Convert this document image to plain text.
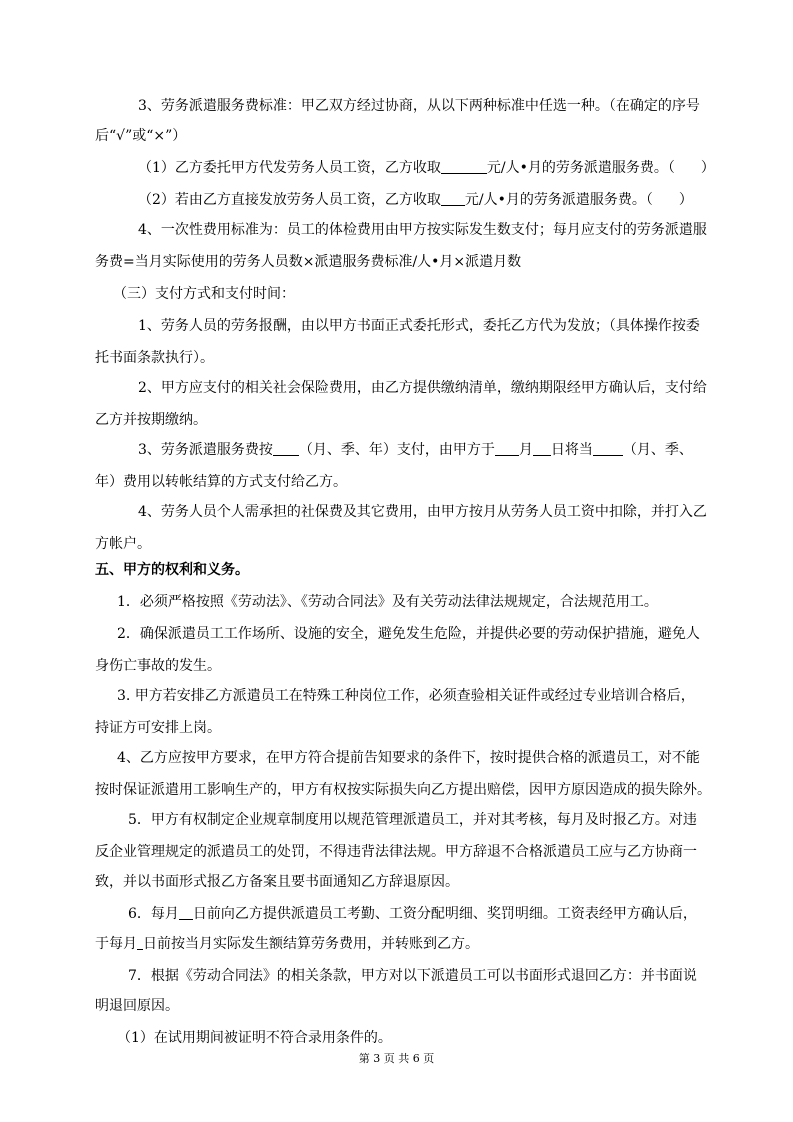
3、劳务派遣服务费标准：甲乙双方经过协商，从以下两种标准中任选一种。（在确定的序号
后“√”或“×”）
（1）乙方委托甲方代发劳务人员工资，乙方收取	元/人•月的劳务派遣服务费。（ ）
（2）若由乙方直接发放劳务人员工资，乙方收取 元/人•月的劳务派遣服务费。（ ）
4、一次性费用标准为：员工的体检费用由甲方按实际发生数支付；每月应支付的劳务派遣服
务费=当月实际使用的劳务人员数×派遣服务费标准/人•月×派遣月数
（三）支付方式和支付时间：
1、劳务人员的劳务报酬，由以甲方书面正式委托形式，委托乙方代为发放；（具体操作按委
托书面条款执行）。
2、甲方应支付的相关社会保险费用，由乙方提供缴纳清单，缴纳期限经甲方确认后，支付给
乙方并按期缴纳。
3、劳务派遣服务费按 （月、季、年）支付，由甲方于 月 日将当 （月、季、
年）费用以转帐结算的方式支付给乙方。
4、劳务人员个人需承担的社保费及其它费用，由甲方按月从劳务人员工资中扣除，并打入乙
方帐户。
五、甲方的权利和义务。
1．必须严格按照《劳动法》、《劳动合同法》及有关劳动法律法规规定，合法规范用工。
2．确保派遣员工工作场所、设施的安全，避免发生危险，并提供必要的劳动保护措施，避免人
身伤亡事故的发生。
3. 甲方若安排乙方派遣员工在特殊工种岗位工作，必须查验相关证件或经过专业培训合格后，
持证方可安排上岗。
4、乙方应按甲方要求，在甲方符合提前告知要求的条件下，按时提供合格的派遣员工，对不能
按时保证派遣用工影响生产的，甲方有权按实际损失向乙方提出赔偿，因甲方原因造成的损失除外。
5．甲方有权制定企业规章制度用以规范管理派遣员工，并对其考核，每月及时报乙方。对违
反企业管理规定的派遣员工的处罚，不得违背法律法规。甲方辞退不合格派遣员工应与乙方协商一
致，并以书面形式报乙方备案且要书面通知乙方辞退原因。
6．每月 日前向乙方提供派遣员工考勤、工资分配明细、奖罚明细。工资表经甲方确认后，
于每月 日前按当月实际发生额结算劳务费用，并转账到乙方。
7．根据《劳动合同法》的相关条款，甲方对以下派遣员工可以书面形式退回乙方：并书面说
明退回原因。
（1）在试用期间被证明不符合录用条件的。
第 3 页 共 6 页
